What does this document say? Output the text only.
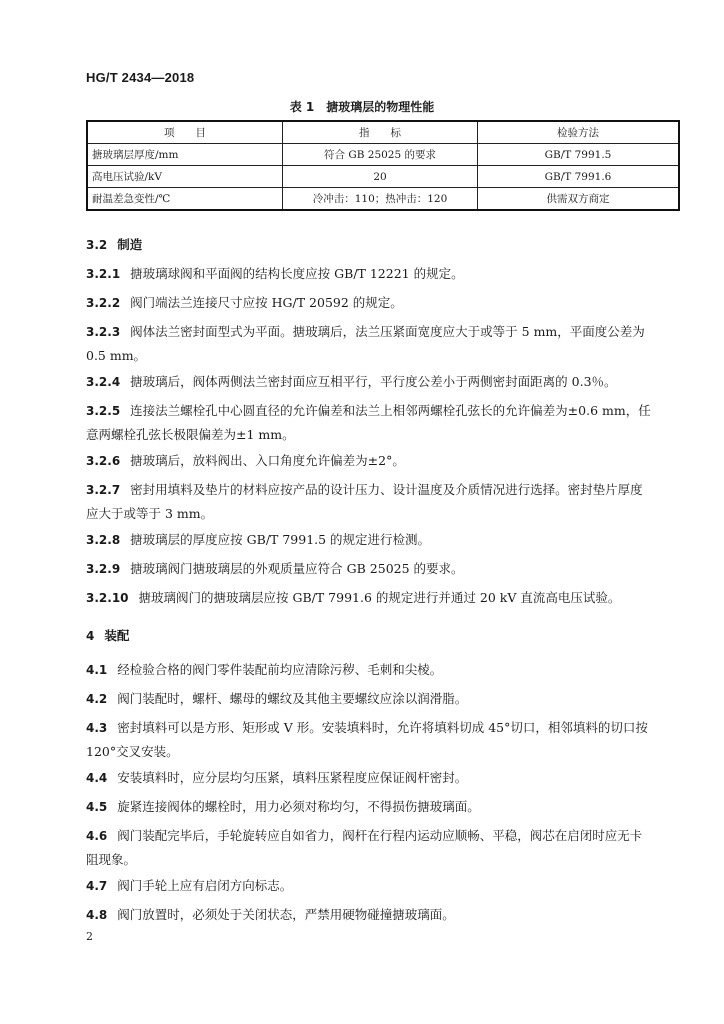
HG/T 2434—2018
表 1　搪玻璃层的物理性能
项　　目	指　　标	检验方法
搪玻璃层厚度/mm	符合 GB 25025 的要求	GB/T 7991.5
高电压试验/kV	20	GB/T 7991.6
耐温差急变性/℃	冷冲击：110；热冲击：120	供需双方商定
3.2 制造
3.2.1 搪玻璃球阀和平面阀的结构长度应按 GB/T 12221 的规定。
3.2.2 阀门端法兰连接尺寸应按 HG/T 20592 的规定。
3.2.3 阀体法兰密封面型式为平面。搪玻璃后，法兰压紧面宽度应大于或等于 5 mm，平面度公差为 0.5 mm。
3.2.4 搪玻璃后，阀体两侧法兰密封面应互相平行，平行度公差小于两侧密封面距离的 0.3％。
3.2.5 连接法兰螺栓孔中心圆直径的允许偏差和法兰上相邻两螺栓孔弦长的允许偏差为±0.6 mm，任意两螺栓孔弦长极限偏差为±1 mm。
3.2.6 搪玻璃后，放料阀出、入口角度允许偏差为±2°。
3.2.7 密封用填料及垫片的材料应按产品的设计压力、设计温度及介质情况进行选择。密封垫片厚度应大于或等于 3 mm。
3.2.8 搪玻璃层的厚度应按 GB/T 7991.5 的规定进行检测。
3.2.9 搪玻璃阀门搪玻璃层的外观质量应符合 GB 25025 的要求。
3.2.10 搪玻璃阀门的搪玻璃层应按 GB/T 7991.6 的规定进行并通过 20 kV 直流高电压试验。
4 装配
4.1 经检验合格的阀门零件装配前均应清除污秽、毛刺和尖棱。
4.2 阀门装配时，螺杆、螺母的螺纹及其他主要螺纹应涂以润滑脂。
4.3 密封填料可以是方形、矩形或 V 形。安装填料时，允许将填料切成 45°切口，相邻填料的切口按 120°交叉安装。
4.4 安装填料时，应分层均匀压紧，填料压紧程度应保证阀杆密封。
4.5 旋紧连接阀体的螺栓时，用力必须对称均匀，不得损伤搪玻璃面。
4.6 阀门装配完毕后，手轮旋转应自如省力，阀杆在行程内运动应顺畅、平稳，阀芯在启闭时应无卡阻现象。
4.7 阀门手轮上应有启闭方向标志。
4.8 阀门放置时，必须处于关闭状态，严禁用硬物碰撞搪玻璃面。
2
